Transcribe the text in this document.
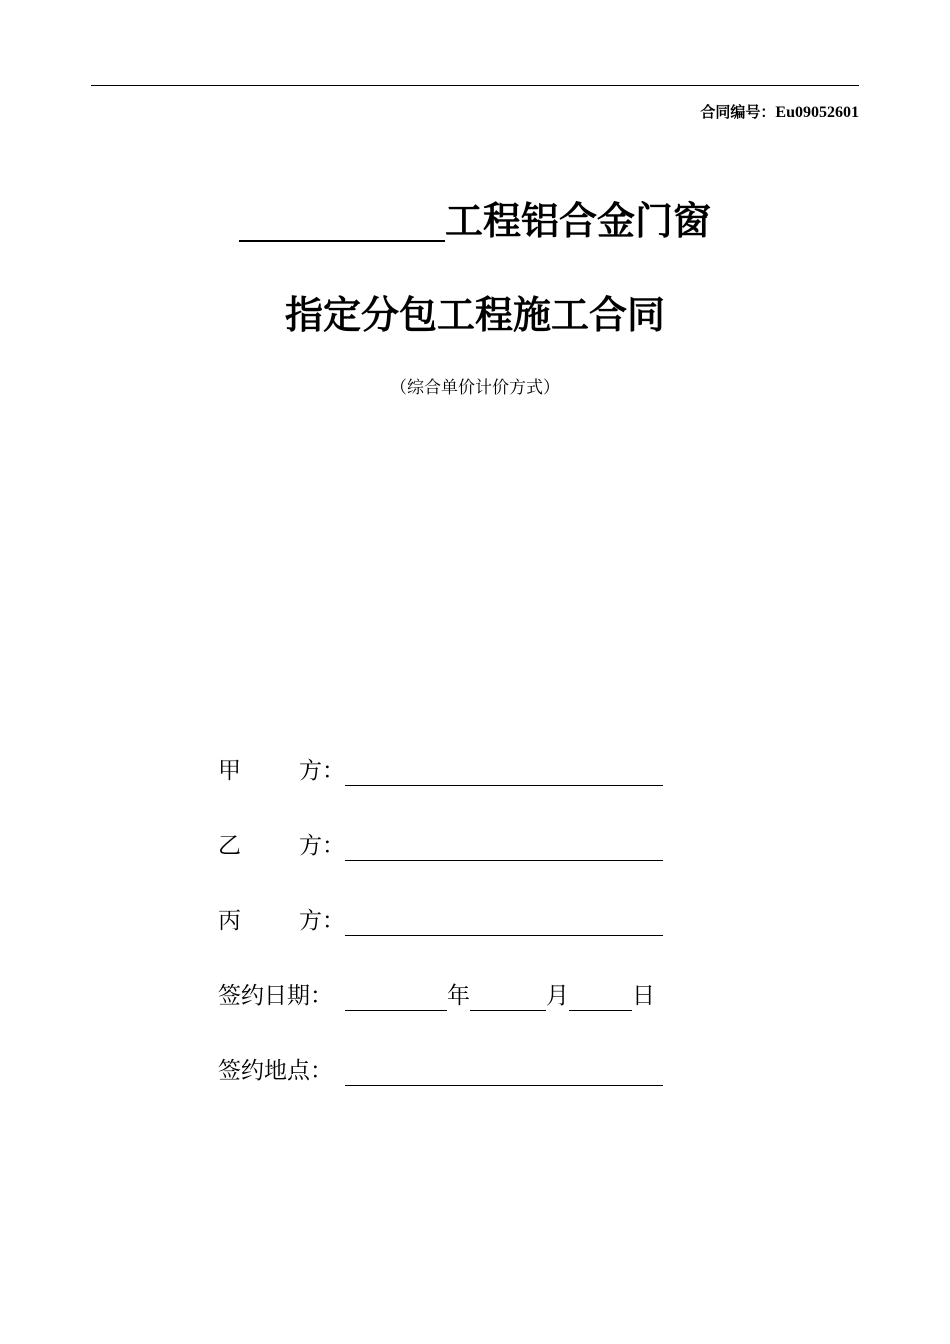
合同编号：Eu09052601
工程铝合金门窗
指定分包工程施工合同
（综合单价计价方式）
甲	方：
乙	方：
丙	方：
签约日期：	年	月	日
签约地点：
